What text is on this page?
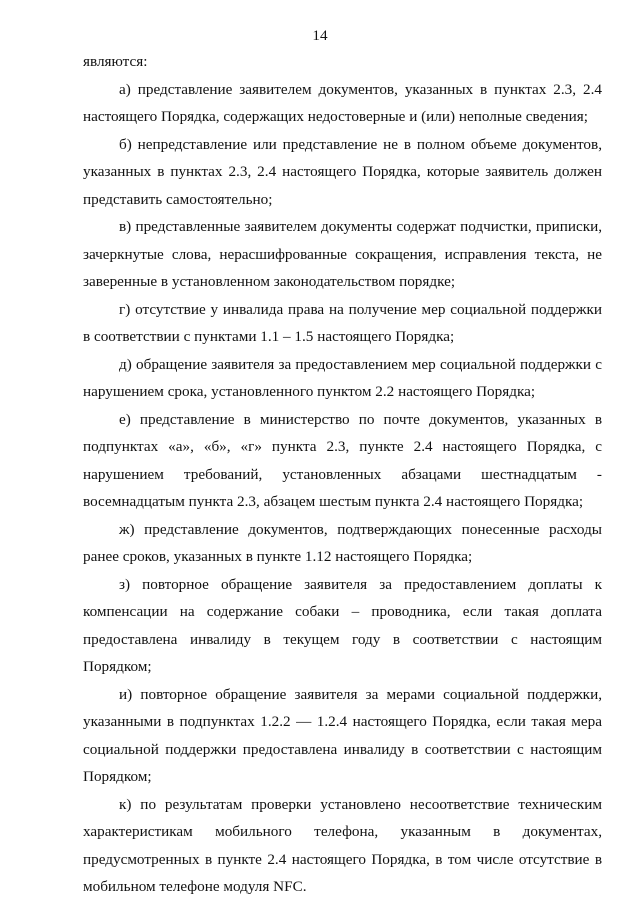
14

являются:

а) представление заявителем документов, указанных в пунктах 2.3, 2.4 настоящего Порядка, содержащих недостоверные и (или) неполные сведения;

б) непредставление или представление не в полном объеме документов, указанных в пунктах 2.3, 2.4 настоящего Порядка, которые заявитель должен представить самостоятельно;

в) представленные заявителем документы содержат подчистки, приписки, зачеркнутые слова, нерасшифрованные сокращения, исправления текста, не заверенные в установленном законодательством порядке;

г) отсутствие у инвалида права на получение мер социальной поддержки в соответствии с пунктами 1.1 – 1.5 настоящего Порядка;

д) обращение заявителя за предоставлением мер социальной поддержки с нарушением срока, установленного пунктом 2.2 настоящего Порядка;

е) представление в министерство по почте документов, указанных в подпунктах «а», «б», «г» пункта 2.3, пункте 2.4 настоящего Порядка, с нарушением требований, установленных абзацами шестнадцатым - восемнадцатым пункта 2.3, абзацем шестым пункта 2.4 настоящего Порядка;

ж) представление документов, подтверждающих понесенные расходы ранее сроков, указанных в пункте 1.12 настоящего Порядка;

з) повторное обращение заявителя за предоставлением доплаты к компенсации на содержание собаки – проводника, если такая доплата предоставлена инвалиду в текущем году в соответствии с настоящим Порядком;

и) повторное обращение заявителя за мерами социальной поддержки, указанными в подпунктах 1.2.2 — 1.2.4 настоящего Порядка, если такая мера социальной поддержки предоставлена инвалиду в соответствии с настоящим Порядком;

к) по результатам проверки установлено несоответствие техническим характеристикам мобильного телефона, указанным в документах, предусмотренных в пункте 2.4 настоящего Порядка, в том числе отсутствие в мобильном телефоне модуля NFC.
